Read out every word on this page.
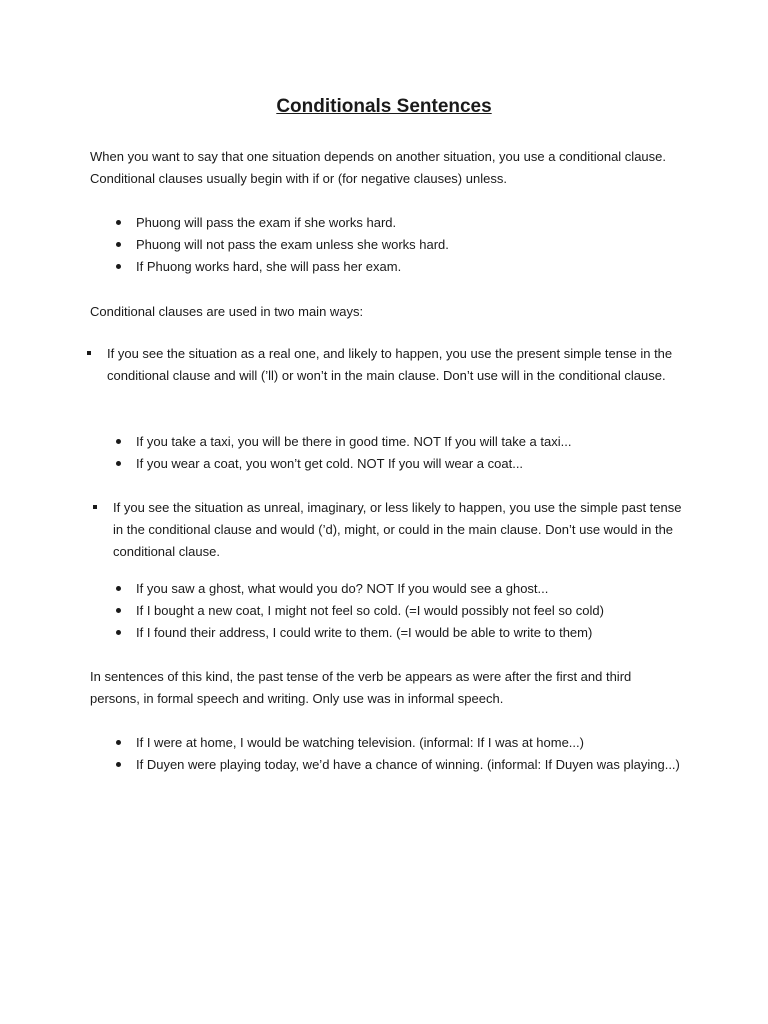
Conditionals Sentences

When you want to say that one situation depends on another situation, you use a conditional clause. Conditional clauses usually begin with if or (for negative clauses) unless.

Phuong will pass the exam if she works hard.
Phuong will not pass the exam unless she works hard.
If Phuong works hard, she will pass her exam.

Conditional clauses are used in two main ways:

If you see the situation as a real one, and likely to happen, you use the present simple tense in the conditional clause and will (’ll) or won’t in the main clause. Don’t use will in the conditional clause.
If you take a taxi, you will be there in good time. NOT If you will take a taxi...
If you wear a coat, you won’t get cold. NOT If you will wear a coat...
If you see the situation as unreal, imaginary, or less likely to happen, you use the simple past tense in the conditional clause and would (’d), might, or could in the main clause. Don’t use would in the conditional clause.
If you saw a ghost, what would you do? NOT If you would see a ghost...
If I bought a new coat, I might not feel so cold. (=I would possibly not feel so cold)
If I found their address, I could write to them. (=I would be able to write to them)

In sentences of this kind, the past tense of the verb be appears as were after the first and third persons, in formal speech and writing. Only use was in informal speech.

If I were at home, I would be watching television. (informal: If I was at home...)
If Duyen were playing today, we’d have a chance of winning. (informal: If Duyen was playing...)
